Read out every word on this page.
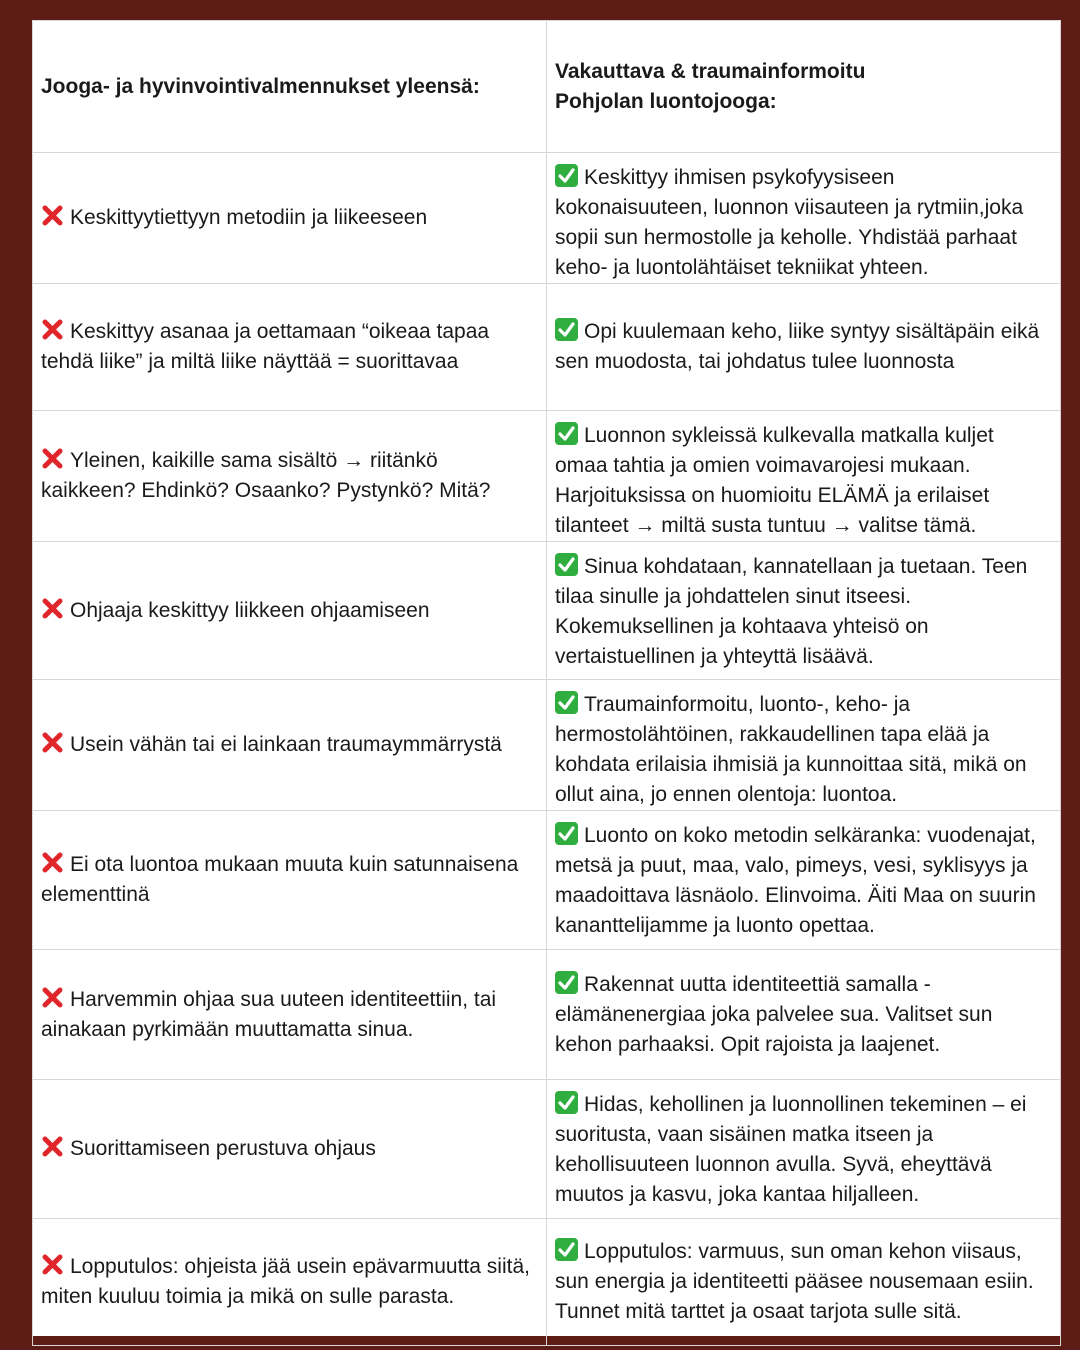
Jooga- ja hyvinvointivalmennukset yleensä:	Vakauttava & traumainformoitu
Pohjolan luontojooga:

Keskittyytiettyyn metodiin ja liikeeseen	Keskittyy ihmisen psykofyysiseen kokonaisuuteen, luonnon viisauteen ja rytmiin,joka sopii sun hermostolle ja keholle. Yhdistää parhaat keho- ja luontolähtäiset tekniikat yhteen.

Keskittyy asanaa ja oettamaan “oikeaa tapaa tehdä liike” ja miltä liike näyttää = suorittavaa	Opi kuulemaan keho, liike syntyy sisältäpäin eikä sen muodosta, tai johdatus tulee luonnosta

Yleinen, kaikille sama sisältö → riitänkö kaikkeen? Ehdinkö? Osaanko? Pystynkö? Mitä?	Luonnon sykleissä kulkevalla matkalla kuljet omaa tahtia ja omien voimavarojesi mukaan. Harjoituksissa on huomioitu ELÄMÄ ja erilaiset tilanteet → miltä susta tuntuu → valitse tämä.

Ohjaaja keskittyy liikkeen ohjaamiseen	Sinua kohdataan, kannatellaan ja tuetaan. Teen tilaa sinulle ja johdattelen sinut itseesi. Kokemuksellinen ja kohtaava yhteisö on vertaistuellinen ja yhteyttä lisäävä.

Usein vähän tai ei lainkaan traumaymmärrystä	Traumainformoitu, luonto-, keho- ja hermostolähtöinen, rakkaudellinen tapa elää ja kohdata erilaisia ihmisiä ja kunnoittaa sitä, mikä on ollut aina, jo ennen olentoja: luontoa.

Ei ota luontoa mukaan muuta kuin satunnaisena elementtinä	Luonto on koko metodin selkäranka: vuodenajat, metsä ja puut, maa, valo, pimeys, vesi, syklisyys ja maadoittava läsnäolo. Elinvoima. Äiti Maa on suurin kananttelijamme ja luonto opettaa.

Harvemmin ohjaa sua uuteen identiteettiin, tai ainakaan pyrkimään muuttamatta sinua.	Rakennat uutta identiteettiä samalla - elämänenergiaa joka palvelee sua. Valitset sun kehon parhaaksi. Opit rajoista ja laajenet.

Suorittamiseen perustuva ohjaus	Hidas, kehollinen ja luonnollinen tekeminen – ei suoritusta, vaan sisäinen matka itseen ja kehollisuuteen luonnon avulla. Syvä, eheyttävä muutos ja kasvu, joka kantaa hiljalleen.

Lopputulos: ohjeista jää usein epävarmuutta siitä, miten kuuluu toimia ja mikä on sulle parasta.	Lopputulos: varmuus, sun oman kehon viisaus, sun energia ja identiteetti pääsee nousemaan esiin. Tunnet mitä tarttet ja osaat tarjota sulle sitä.
